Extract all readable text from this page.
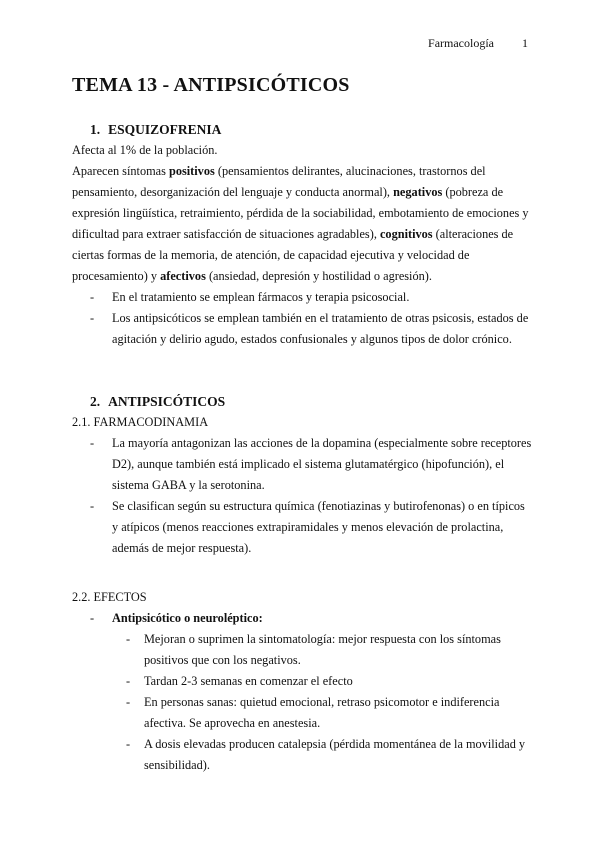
Farmacología 1
TEMA 13 - ANTIPSICÓTICOS
1. ESQUIZOFRENIA

Afecta al 1% de la población.

Aparecen síntomas positivos (pensamientos delirantes, alucinaciones, trastornos del pensamiento, desorganización del lenguaje y conducta anormal), negativos (pobreza de expresión lingüística, retraimiento, pérdida de la sociabilidad, embotamiento de emociones y dificultad para extraer satisfacción de situaciones agradables), cognitivos (alteraciones de ciertas formas de la memoria, de atención, de capacidad ejecutiva y velocidad de procesamiento) y afectivos (ansiedad, depresión y hostilidad o agresión).

- En el tratamiento se emplean fármacos y terapia psicosocial.
- Los antipsicóticos se emplean también en el tratamiento de otras psicosis, estados de agitación y delirio agudo, estados confusionales y algunos tipos de dolor crónico.
2. ANTIPSICÓTICOS

2.1. FARMACODINAMIA

- La mayoría antagonizan las acciones de la dopamina (especialmente sobre receptores D2), aunque también está implicado el sistema glutamatérgico (hipofunción), el sistema GABA y la serotonina.
- Se clasifican según su estructura química (fenotiazinas y butirofenonas) o en típicos y atípicos (menos reacciones extrapiramidales y menos elevación de prolactina, además de mejor respuesta).

2.2. EFECTOS

- Antipsicótico o neuroléptico:
- Mejoran o suprimen la sintomatología: mejor respuesta con los síntomas positivos que con los negativos.
- Tardan 2-3 semanas en comenzar el efecto
- En personas sanas: quietud emocional, retraso psicomotor e indiferencia afectiva. Se aprovecha en anestesia.
- A dosis elevadas producen catalepsia (pérdida momentánea de la movilidad y sensibilidad).
